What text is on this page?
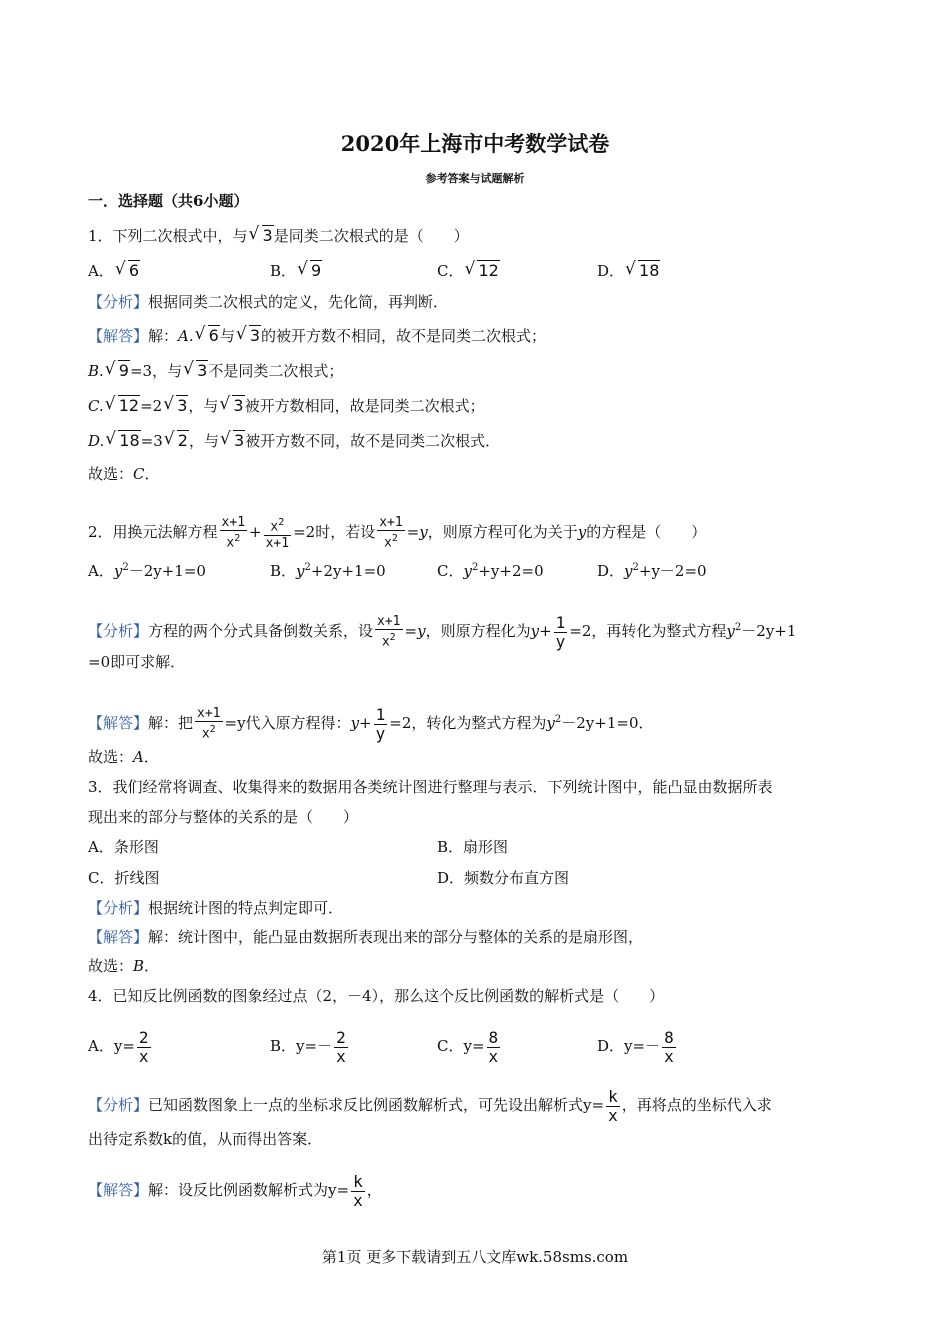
2020年上海市中考数学试卷
参考答案与试题解析
一．选择题（共6小题）
1．下列二次根式中，与 √ 3是同类二次根式的是（　　）
A． √ 6	B． √ 9	C． √ 12	D． √ 18
【分析】根据同类二次根式的定义，先化简，再判断．
【解答】解：A. √ 6与 √ 3的被开方数不相同，故不是同类二次根式；
B. √ 9=3，与 √ 3不是同类二次根式；
C. √ 12=2 √ 3，与 √ 3被开方数相同，故是同类二次根式；
D. √ 18=3 √ 2，与 √ 3被开方数不同，故不是同类二次根式．
故选：C．
2．用换元法解方程 $\frac{x+1}{x^2} + \frac{x^2}{x+1} =2$时，若设 $\frac{x+1}{x^2} =y$，则原方程可化为关于y的方程是（　　）
A．$y^2-2y+1=0$	B．$y^2+2y+1=0$	C．$y^2+y+2=0$	D．$y^2+y-2=0$
【分析】方程的两个分式具备倒数关系，设 $\frac{x+1}{x^2} =y$，则原方程化为$y+ \frac{1}{y} =2$，再转化为整式方程$y^2-2y+1$
=0即可求解．
【解答】解：把 $\frac{x+1}{x^2} =y$代入原方程得：$y+ \frac{1}{y} =2$，转化为整式方程为$y^2-2y+1=0$．
故选：A．
3．我们经常将调查、收集得来的数据用各类统计图进行整理与表示．下列统计图中，能凸显由数据所表
现出来的部分与整体的关系的是（　　）
A．条形图	B．扇形图
C．折线图	D．频数分布直方图
【分析】根据统计图的特点判定即可．
【解答】解：统计图中，能凸显由数据所表现出来的部分与整体的关系的是扇形图，
故选：B．
4．已知反比例函数的图象经过点（2，－4），那么这个反比例函数的解析式是（　　）
A．$y= \frac{2}{x}$	B．$y=- \frac{2}{x}$	C．$y= \frac{8}{x}$	D．$y=- \frac{8}{x}$
【分析】已知函数图象上一点的坐标求反比例函数解析式，可先设出解析式$y= \frac{k}{x}$ ，再将点的坐标代入求
出待定系数k的值，从而得出答案．
【解答】解：设反比例函数解析式为$y= \frac{k}{x}$ ，
第1页 更多下载请到五八文库wk.58sms.com
